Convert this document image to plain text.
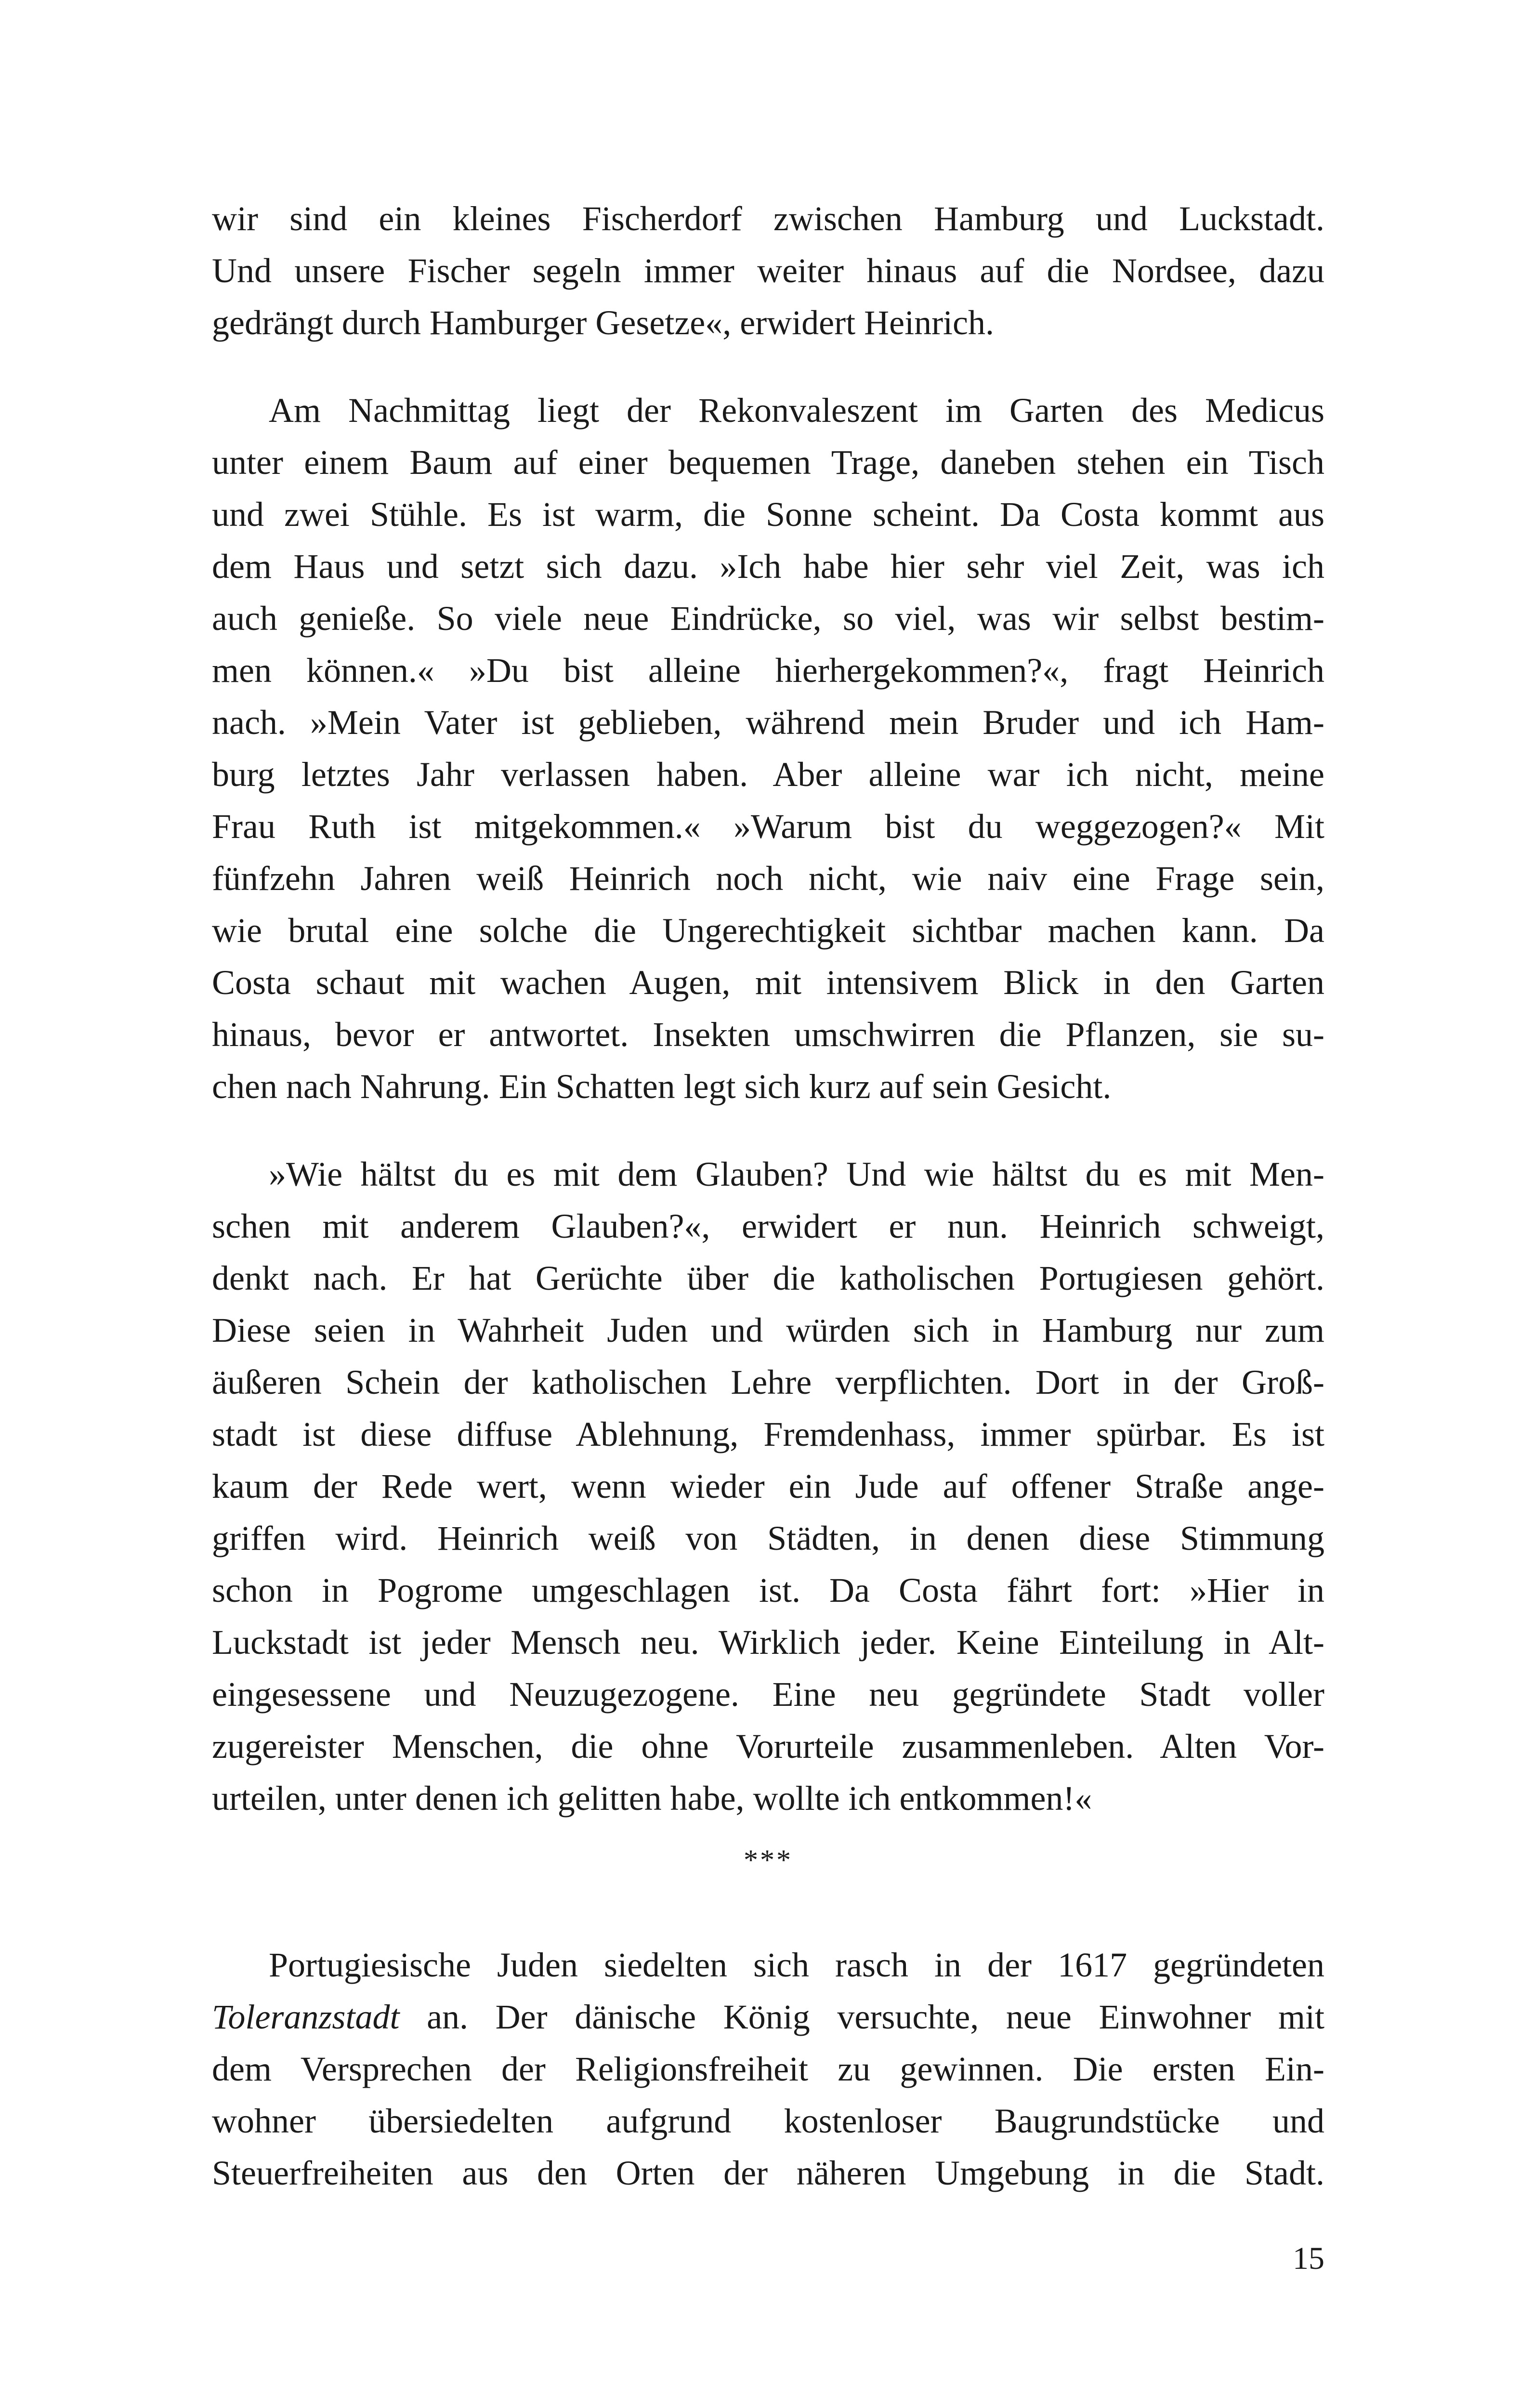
wir sind ein kleines Fischerdorf zwischen Hamburg und Luckstadt.
Und unsere Fischer segeln immer weiter hinaus auf die Nordsee, dazu
gedrängt durch Hamburger Gesetze«, erwidert Heinrich.

Am Nachmittag liegt der Rekonvaleszent im Garten des Medicus
unter einem Baum auf einer bequemen Trage, daneben stehen ein Tisch
und zwei Stühle. Es ist warm, die Sonne scheint. Da Costa kommt aus
dem Haus und setzt sich dazu. »Ich habe hier sehr viel Zeit, was ich
auch genieße. So viele neue Eindrücke, so viel, was wir selbst bestim-
men können.« »Du bist alleine hierhergekommen?«, fragt Heinrich
nach. »Mein Vater ist geblieben, während mein Bruder und ich Ham-
burg letztes Jahr verlassen haben. Aber alleine war ich nicht, meine
Frau Ruth ist mitgekommen.« »Warum bist du weggezogen?« Mit
fünfzehn Jahren weiß Heinrich noch nicht, wie naiv eine Frage sein,
wie brutal eine solche die Ungerechtigkeit sichtbar machen kann. Da
Costa schaut mit wachen Augen, mit intensivem Blick in den Garten
hinaus, bevor er antwortet. Insekten umschwirren die Pflanzen, sie su-
chen nach Nahrung. Ein Schatten legt sich kurz auf sein Gesicht.

»Wie hältst du es mit dem Glauben? Und wie hältst du es mit Men-
schen mit anderem Glauben?«, erwidert er nun. Heinrich schweigt,
denkt nach. Er hat Gerüchte über die katholischen Portugiesen gehört.
Diese seien in Wahrheit Juden und würden sich in Hamburg nur zum
äußeren Schein der katholischen Lehre verpflichten. Dort in der Groß-
stadt ist diese diffuse Ablehnung, Fremdenhass, immer spürbar. Es ist
kaum der Rede wert, wenn wieder ein Jude auf offener Straße ange-
griffen wird. Heinrich weiß von Städten, in denen diese Stimmung
schon in Pogrome umgeschlagen ist. Da Costa fährt fort: »Hier in
Luckstadt ist jeder Mensch neu. Wirklich jeder. Keine Einteilung in Alt-
eingesessene und Neuzugezogene. Eine neu gegründete Stadt voller
zugereister Menschen, die ohne Vorurteile zusammenleben. Alten Vor-
urteilen, unter denen ich gelitten habe, wollte ich entkommen!«

***

Portugiesische Juden siedelten sich rasch in der 1617 gegründeten
Toleranzstadt an. Der dänische König versuchte, neue Einwohner mit
dem Versprechen der Religionsfreiheit zu gewinnen. Die ersten Ein-
wohner übersiedelten aufgrund kostenloser Baugrundstücke und
Steuerfreiheiten aus den Orten der näheren Umgebung in die Stadt.

15
